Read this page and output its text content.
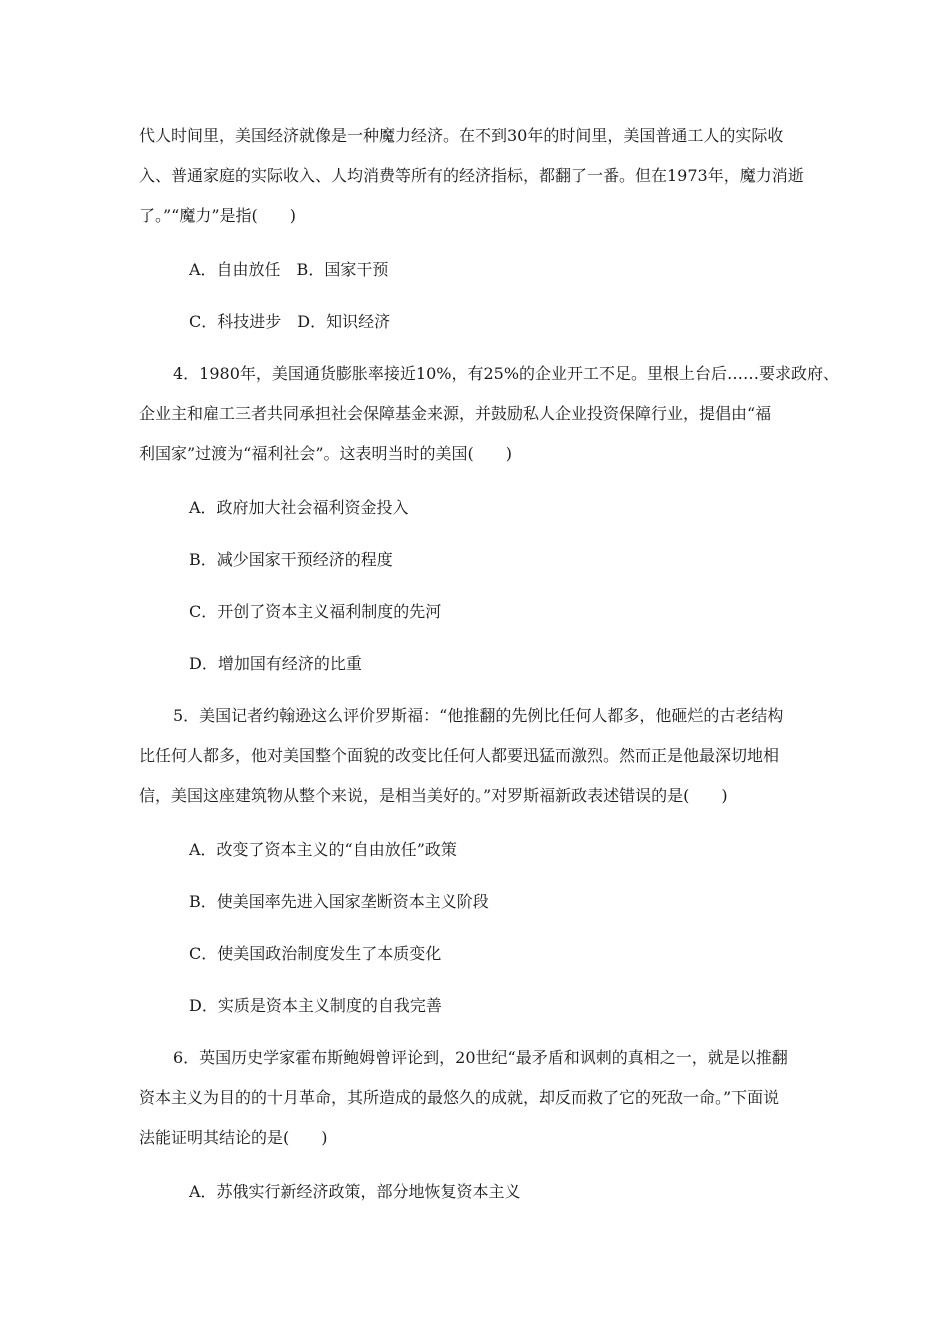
代人时间里，美国经济就像是一种魔力经济。在不到30年的时间里，美国普通工人的实际收
入、普通家庭的实际收入、人均消费等所有的经济指标，都翻了一番。但在1973年，魔力消逝
了。”“魔力”是指(　　)
A．自由放任　B．国家干预
C．科技进步　D．知识经济
4．1980年，美国通货膨胀率接近10%，有25%的企业开工不足。里根上台后……要求政府、
企业主和雇工三者共同承担社会保障基金来源，并鼓励私人企业投资保障行业，提倡由“福
利国家”过渡为“福利社会”。这表明当时的美国(　　)
A．政府加大社会福利资金投入
B．减少国家干预经济的程度
C．开创了资本主义福利制度的先河
D．增加国有经济的比重
5．美国记者约翰逊这么评价罗斯福：“他推翻的先例比任何人都多，他砸烂的古老结构
比任何人都多，他对美国整个面貌的改变比任何人都要迅猛而激烈。然而正是他最深切地相
信，美国这座建筑物从整个来说，是相当美好的。”对罗斯福新政表述错误的是(　　)
A．改变了资本主义的“自由放任”政策
B．使美国率先进入国家垄断资本主义阶段
C．使美国政治制度发生了本质变化
D．实质是资本主义制度的自我完善
6．英国历史学家霍布斯鲍姆曾评论到，20世纪“最矛盾和讽刺的真相之一，就是以推翻
资本主义为目的的十月革命，其所造成的最悠久的成就，却反而救了它的死敌一命。”下面说
法能证明其结论的是(　　)
A．苏俄实行新经济政策，部分地恢复资本主义
